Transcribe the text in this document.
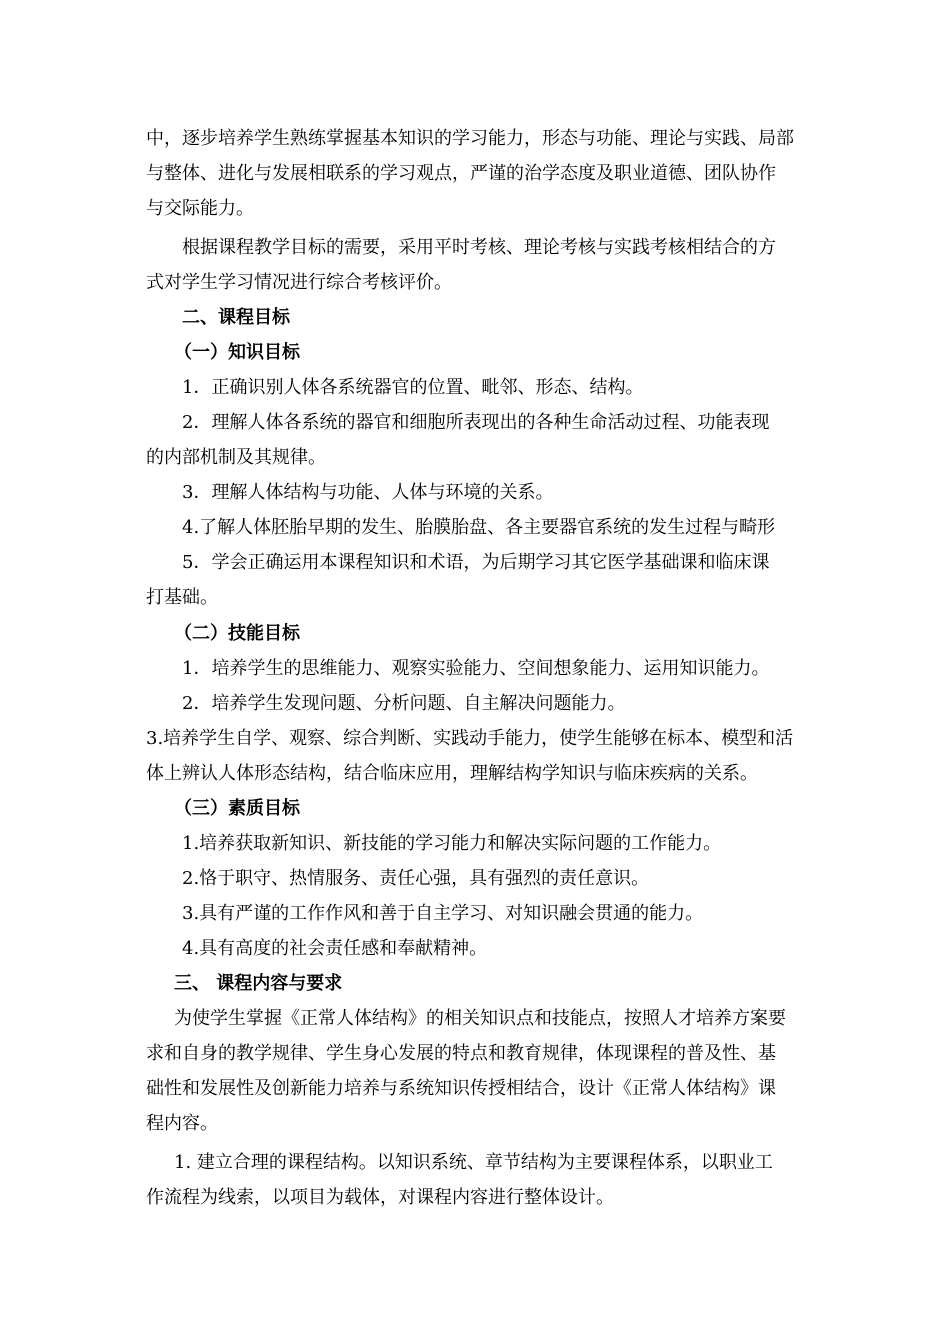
中，逐步培养学生熟练掌握基本知识的学习能力，形态与功能、理论与实践、局部

与整体、进化与发展相联系的学习观点，严谨的治学态度及职业道德、团队协作

与交际能力。

根据课程教学目标的需要，采用平时考核、理论考核与实践考核相结合的方

式对学生学习情况进行综合考核评价。

二、课程目标

（一）知识目标

1．正确识别人体各系统器官的位置、毗邻、形态、结构。

2．理解人体各系统的器官和细胞所表现出的各种生命活动过程、功能表现

的内部机制及其规律。

3．理解人体结构与功能、人体与环境的关系。

4.了解人体胚胎早期的发生、胎膜胎盘、各主要器官系统的发生过程与畸形

5．学会正确运用本课程知识和术语，为后期学习其它医学基础课和临床课

打基础。

（二）技能目标

1．培养学生的思维能力、观察实验能力、空间想象能力、运用知识能力。

2．培养学生发现问题、分析问题、自主解决问题能力。

3.培养学生自学、观察、综合判断、实践动手能力，使学生能够在标本、模型和活

体上辨认人体形态结构，结合临床应用，理解结构学知识与临床疾病的关系。

（三）素质目标

1.培养获取新知识、新技能的学习能力和解决实际问题的工作能力。

2.恪于职守、热情服务、责任心强，具有强烈的责任意识。

3.具有严谨的工作作风和善于自主学习、对知识融会贯通的能力。

4.具有高度的社会责任感和奉献精神。

三、 课程内容与要求

为使学生掌握《正常人体结构》的相关知识点和技能点，按照人才培养方案要

求和自身的教学规律、学生身心发展的特点和教育规律，体现课程的普及性、基

础性和发展性及创新能力培养与系统知识传授相结合，设计《正常人体结构》课

程内容。

1. 建立合理的课程结构。以知识系统、章节结构为主要课程体系，以职业工

作流程为线索，以项目为载体，对课程内容进行整体设计。
